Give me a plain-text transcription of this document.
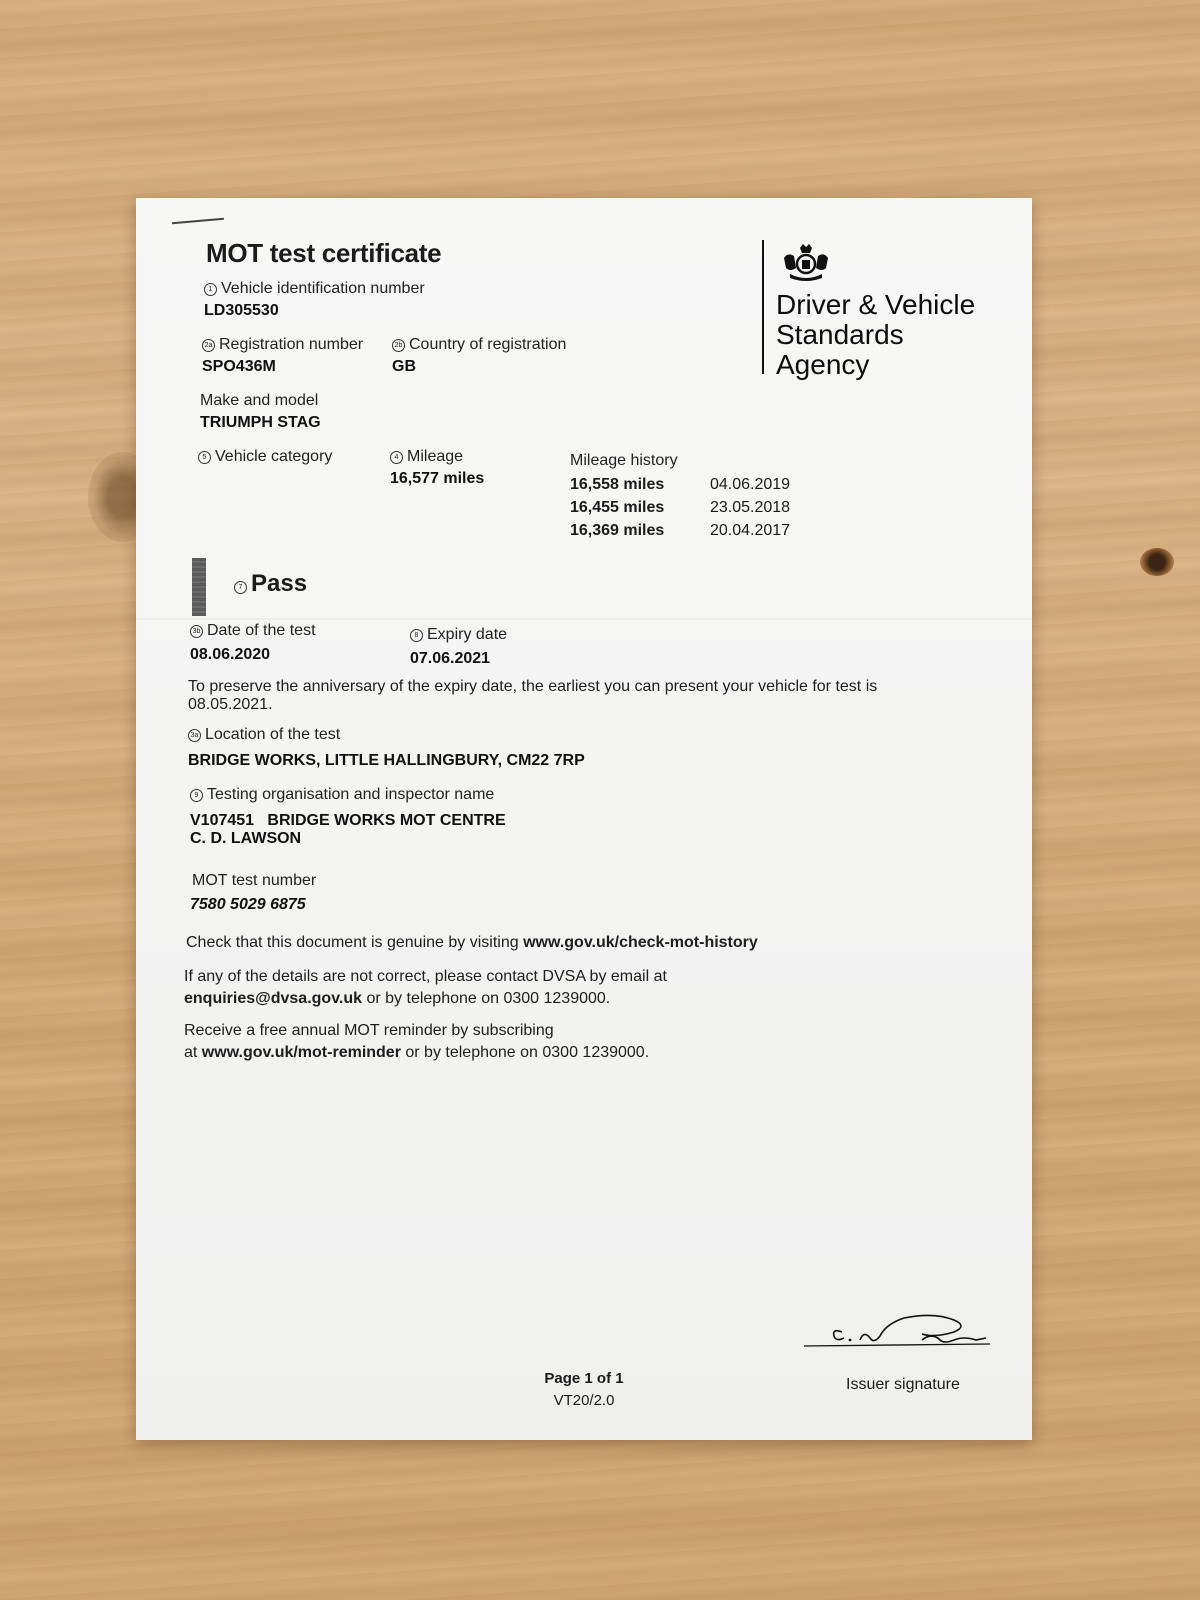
MOT test certificate
1 Vehicle identification number
LD305530
2a Registration number
SPO436M
2b Country of registration
GB
Make and model
TRIUMPH STAG
5 Vehicle category	4 Mileage
16,577 miles
Mileage history
16,558 miles	04.06.2019
16,455 miles	23.05.2018
16,369 miles	20.04.2017
Driver & Vehicle
Standards
Agency
7 Pass
3b Date of the test
08.06.2020
8 Expiry date
07.06.2021
To preserve the anniversary of the expiry date, the earliest you can present your vehicle for test is 08.05.2021.
3a Location of the test
BRIDGE WORKS, LITTLE HALLINGBURY, CM22 7RP
9 Testing organisation and inspector name
V107451   BRIDGE WORKS MOT CENTRE
C. D. LAWSON
MOT test number
7580 5029 6875
Check that this document is genuine by visiting www.gov.uk/check-mot-history
If any of the details are not correct, please contact DVSA by email at
enquiries@dvsa.gov.uk or by telephone on 0300 1239000.
Receive a free annual MOT reminder by subscribing
at www.gov.uk/mot-reminder or by telephone on 0300 1239000.
Issuer signature
Page 1 of 1
VT20/2.0
